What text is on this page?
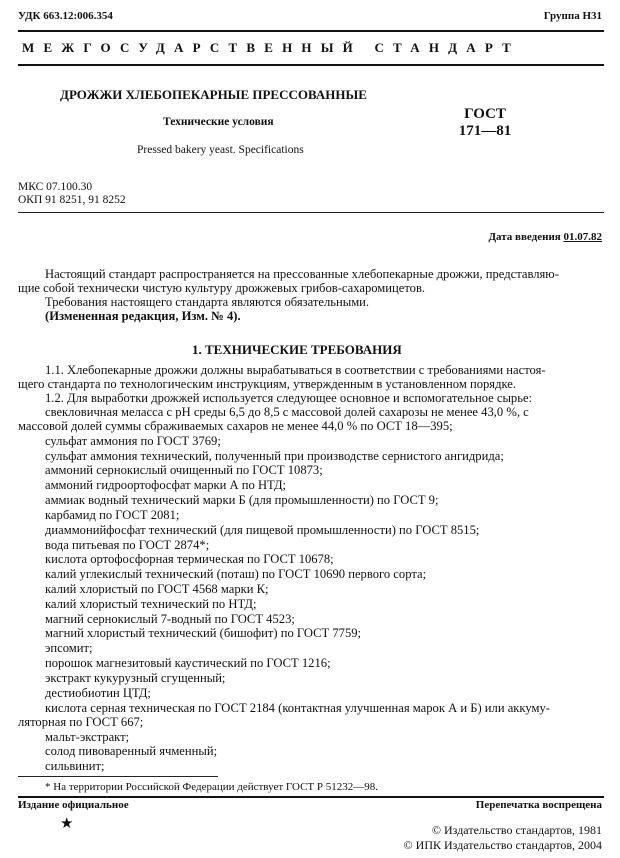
УДК 663.12:006.354	Группа Н31
МЕЖГОСУДАРСТВЕННЫЙ СТАНДАРТ
ДРОЖЖИ ХЛЕБОПЕКАРНЫЕ ПРЕССОВАННЫЕ
Технические условия
Pressed bakery yeast. Specifications
ГОСТ
171—81
МКС 07.100.30
ОКП 91 8251, 91 8252
Дата введения 01.07.82
Настоящий стандарт распространяется на прессованные хлебопекарные дрожжи, представляю-
щие собой технически чистую культуру дрожжевых грибов-сахаромицетов.
Требования настоящего стандарта являются обязательными.
(Измененная редакция, Изм. № 4).
1. ТЕХНИЧЕСКИЕ ТРЕБОВАНИЯ
1.1. Хлебопекарные дрожжи должны вырабатываться в соответствии с требованиями настоя-
щего стандарта по технологическим инструкциям, утвержденным в установленном порядке.
1.2. Для выработки дрожжей используется следующее основное и вспомогательное сырье:
свекловичная меласса с рН среды 6,5 до 8,5 с массовой долей сахарозы не менее 43,0 %, с
массовой долей суммы сбраживаемых сахаров не менее 44,0 % по ОСТ 18—395;
сульфат аммония по ГОСТ 3769;
сульфат аммония технический, полученный при производстве сернистого ангидрида;
аммоний сернокислый очищенный по ГОСТ 10873;
аммоний гидроортофосфат марки А по НТД;
аммиак водный технический марки Б (для промышленности) по ГОСТ 9;
карбамид по ГОСТ 2081;
диаммонийфосфат технический (для пищевой промышленности) по ГОСТ 8515;
вода питьевая по ГОСТ 2874*;
кислота ортофосфорная термическая по ГОСТ 10678;
калий углекислый технический (поташ) по ГОСТ 10690 первого сорта;
калий хлористый по ГОСТ 4568 марки К;
калий хлористый технический по НТД;
магний сернокислый 7-водный по ГОСТ 4523;
магний хлористый технический (бишофит) по ГОСТ 7759;
эпсомит;
порошок магнезитовый каустический по ГОСТ 1216;
экстракт кукурузный сгущенный;
дестиобиотин ЦТД;
кислота серная техническая по ГОСТ 2184 (контактная улучшенная марок А и Б) или аккуму-
ляторная по ГОСТ 667;
мальт-экстракт;
солод пивоваренный ячменный;
сильвинит;
* На территории Российской Федерации действует ГОСТ Р 51232—98.
Издание официальное	Перепечатка воспрещена
★	© Издательство стандартов, 1981
© ИПК Издательство стандартов, 2004
